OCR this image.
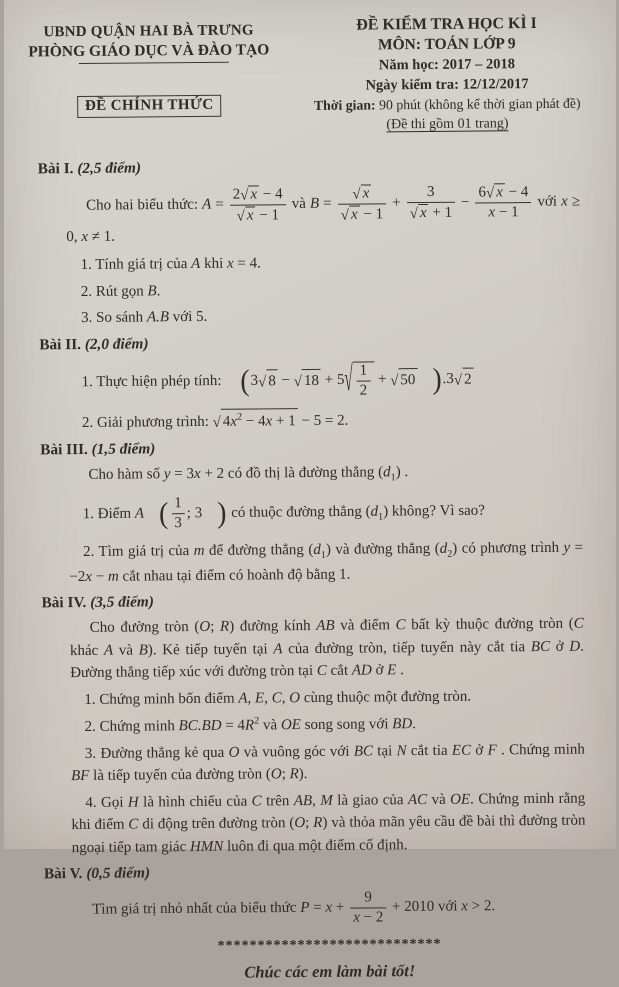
UBND QUẬN HAI BÀ TRƯNG
PHÒNG GIÁO DỤC VÀ ĐÀO TẠO
ĐỀ CHÍNH THỨC
ĐỀ KIỂM TRA HỌC KÌ I
MÔN: TOÁN LỚP 9
Năm học: 2017 – 2018
Ngày kiểm tra: 12/12/2017
Thời gian: 90 phút (không kể thời gian phát đề)
(Đề thi gồm 01 trang)
Bài I. (2,5 điểm)

Cho hai biểu thức: $A = \frac{2√ x - 4}{√ x - 1}$ và $B = \frac{√ x}{√ x - 1} + \frac{3}{√ x + 1} - \frac{6√ x - 4}{x - 1}$ với x ≥ 0, x ≠ 1.

1. Tính giá trị của A khi x = 4.

2. Rút gọn B.

3. So sánh A.B với 5.

Bài II. (2,0 điểm)

1. Thực hiện phép tính: (3√ 8 − √ $18 + 5√ \frac{1}{2}$ + √ 50 ).3√ 2

2. Giải phương trình: √ $4x^2 - 4x + 1 - 5 = 2$.

Bài III. (1,5 điểm)

Cho hàm số y = 3x + 2 có đồ thị là đường thẳng $(d_1)$ .

1. Điểm A ( $\frac{1}{3}$ ; 3 ) có thuộc đường thẳng $(d_1)$ không? Vì sao?

2. Tìm giá trị của m để đường thẳng $(d_1)$ và đường thẳng $(d_2)$ có phương trình y = −2x − m cắt nhau tại điểm có hoành độ bằng 1.

Bài IV. (3,5 điểm)

Cho đường tròn (O; R) đường kính AB và điểm C bất kỳ thuộc đường tròn (C khác A và B). Kẻ tiếp tuyến tại A của đường tròn, tiếp tuyến này cắt tia BC ở D. Đường thẳng tiếp xúc với đường tròn tại C cắt AD ở E .

1. Chứng minh bốn điểm A, E, C, O cùng thuộc một đường tròn.

2. Chứng minh $BC.BD = 4R^2$ và OE song song với BD.

3. Đường thẳng kẻ qua O và vuông góc với BC tại N cắt tia EC ở F . Chứng minh BF là tiếp tuyến của đường tròn (O; R).

4. Gọi H là hình chiếu của C trên AB, M là giao của AC và OE. Chứng minh rằng khi điểm C di động trên đường tròn (O; R) và thỏa mãn yêu cầu đề bài thì đường tròn ngoại tiếp tam giác HMN luôn đi qua một điểm cố định.

Bài V. (0,5 điểm)

Tìm giá trị nhỏ nhất của biểu thức $P = x + \frac{9}{x - 2} + 2010$ với x > 2.

****************************
Chúc các em làm bài tốt!
